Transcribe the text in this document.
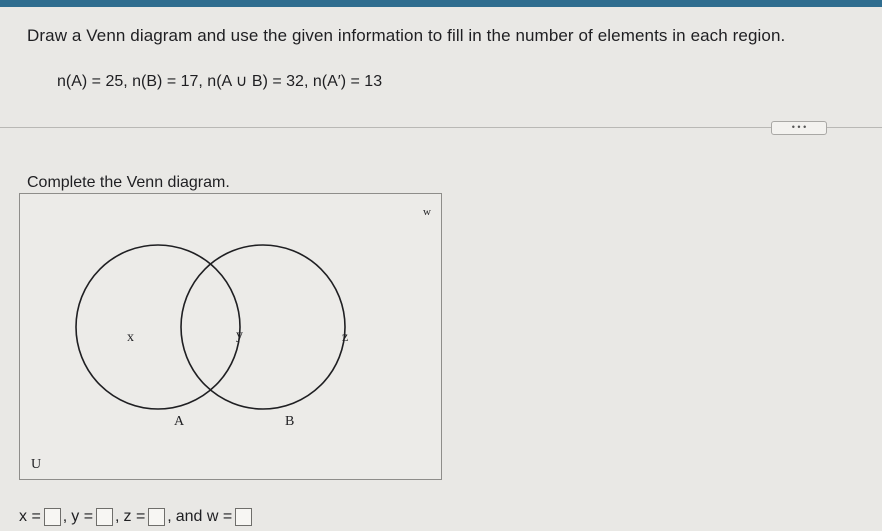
Draw a Venn diagram and use the given information to fill in the number of elements in each region.
n(A) = 25, n(B) = 17, n(A ∪ B) = 32, n(A′) = 13
• • •
Complete the Venn diagram.
w
x	y	z
A	B
U
x = , y = , z = , and w =
